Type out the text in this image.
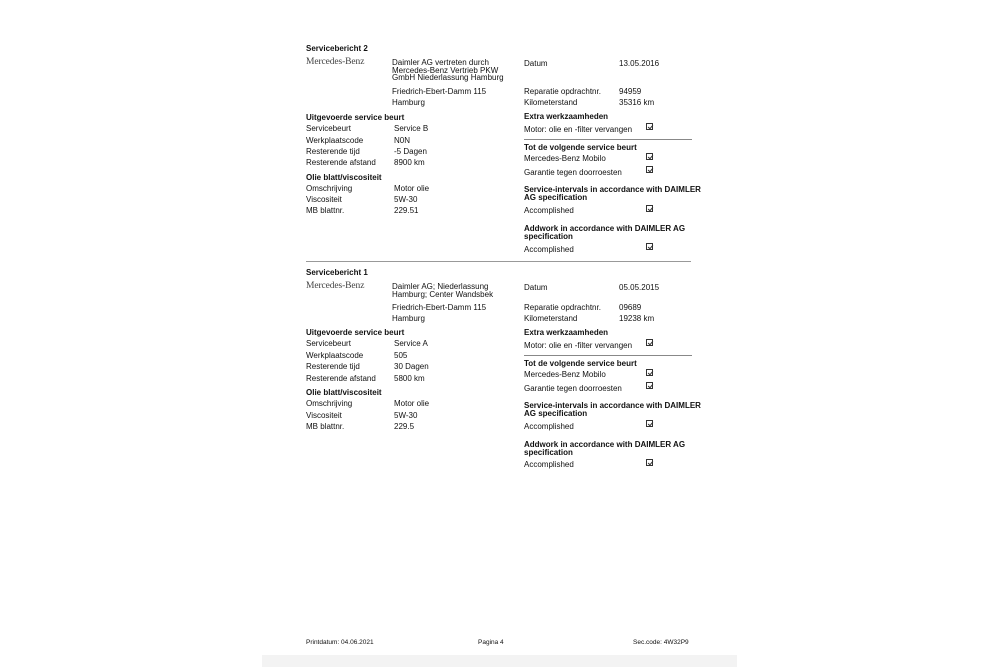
Servicebericht 2
Mercedes-Benz	Daimler AG vertreten durch Mercedes-Benz Vertrieb PKW GmbH Niederlassung Hamburg
Friedrich-Ebert-Damm 115
Hamburg
Datum	13.05.2016
Reparatie opdrachtnr. 94959
Kilometerstand	35316 km
Uitgevoerde service beurt
Servicebeurt	Service B
Werkplaatscode	N0N
Resterende tijd	-5 Dagen
Resterende afstand 8900 km
Olie blatt/viscositeit
Omschrijving	Motor olie
Viscositeit	5W-30
MB blattnr.	229.51
Extra werkzaamheden
Motor: olie en -filter vervangen
Tot de volgende service beurt
Mercedes-Benz Mobilo
Garantie tegen doorroesten
Service-intervals in accordance with DAIMLER AG specification
Accomplished
Addwork in accordance with DAIMLER AG specification
Accomplished
Servicebericht 1
Mercedes-Benz	Daimler AG; Niederlassung Hamburg; Center Wandsbek
Friedrich-Ebert-Damm 115
Hamburg
Datum	05.05.2015
Reparatie opdrachtnr. 09689
Kilometerstand	19238 km
Uitgevoerde service beurt
Servicebeurt	Service A
Werkplaatscode	505
Resterende tijd	30 Dagen
Resterende afstand 5800 km
Olie blatt/viscositeit
Omschrijving	Motor olie
Viscositeit	5W-30
MB blattnr.	229.5
Extra werkzaamheden
Motor: olie en -filter vervangen
Tot de volgende service beurt
Mercedes-Benz Mobilo
Garantie tegen doorroesten
Service-intervals in accordance with DAIMLER AG specification
Accomplished
Addwork in accordance with DAIMLER AG specification
Accomplished
Printdatum: 04.06.2021	Pagina 4	Sec.code: 4W32P9
